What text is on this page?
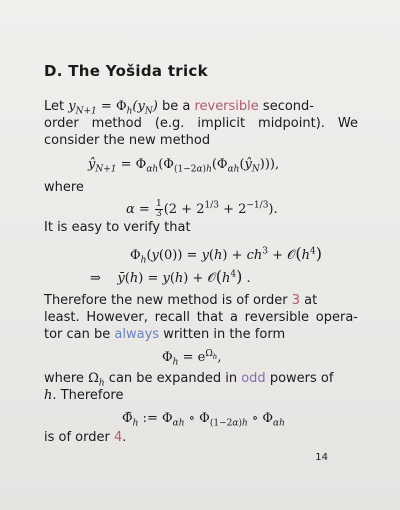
D. The Yošida trick
Let $y_{N+1} = \Phi_h(y_N)$ be a reversible second-
order method (e.g. implicit midpoint). We
consider the new method
$ŷ_{N+1}$ = $\Phi_{\alpha h}(\Phi_{(1-2\alpha)h}(\Phi_{\alpha h}(ŷ_N)))$,
where
$\alpha = \frac{1}{3} (2 + 2^{1/3} + 2^{-1/3})$.
It is easy to verify that
$\Phi_h(y(0)) = y(h) + ch^3$ + $𝒪(h^4)$
⇒    ȳ(h) = $y(h) + 𝒪(h^4)$ .
Therefore the new method is of order 3 at
least. However, recall that a reversible opera-
tor can be always written in the form
$\Phi_h = e^{\Omega_h}$,
where $\Omega_h$ can be expanded in odd powers of
h. Therefore
$\Phĩ_h$ := $\Phi_{\alpha h}$ ∘ $\Phi_{(1-2\alpha)h}$ ∘ $\Phi_{\alpha h}$
is of order 4.
14
